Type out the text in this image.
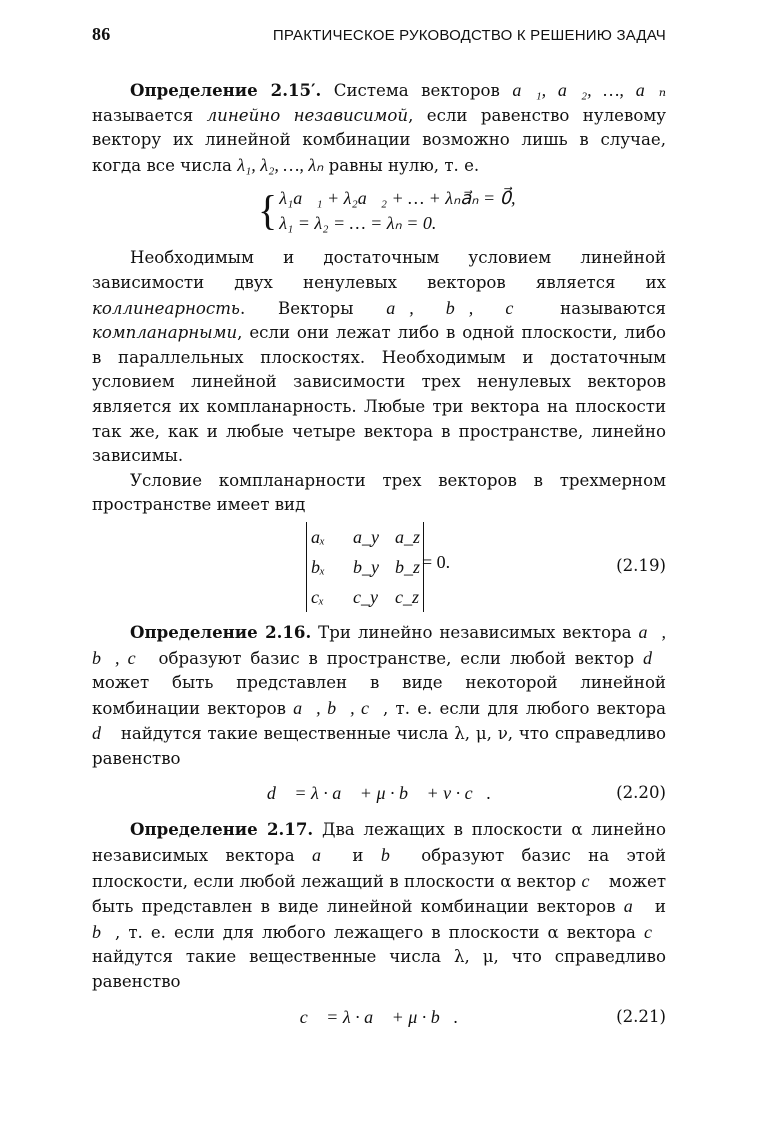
86	ПРАКТИЧЕСКОЕ РУКОВОДСТВО К РЕШЕНИЮ ЗАДАЧ

Определение 2.15′. Система векторов a⃗₁, a⃗₂, …, a⃗ₙ называется линейно независимой, если равенство нулевому вектору их линейной комбинации возможно лишь в случае, когда все числа λ₁, λ₂, …, λₙ равны нулю, т. е.

{ λ₁a⃗₁ + λ₂a⃗₂ + … + λₙa⃗ₙ = 0⃗,
λ₁ = λ₂ = … = λₙ = 0.

Необходимым и достаточным условием линейной зависимости двух ненулевых векторов является их коллинеарность. Векторы a⃗, b⃗, c⃗ называются компланарными, если они лежат либо в одной плоскости, либо в параллельных плоскостях. Необходимым и достаточным условием линейной зависимости трех ненулевых векторов является их компланарность. Любые три вектора на плоскости так же, как и любые четыре вектора в пространстве, линейно зависимы.

Условие компланарности трех векторов в трехмерном пространстве имеет вид

aₓ	a_y a_z
bₓ	b_y b_z
cₓ	c_y c_z
= 0.	(2.19)

Определение 2.16. Три линейно независимых вектора a⃗, b⃗, c⃗ образуют базис в пространстве, если любой вектор d⃗ может быть представлен в виде некоторой линейной комбинации векторов a⃗, b⃗, c⃗, т. е. если для любого вектора d⃗ найдутся такие вещественные числа λ, μ, ν, что справедливо равенство

d⃗ = λ · a⃗ + μ · b⃗ + ν · c⃗.	(2.20)

Определение 2.17. Два лежащих в плоскости α линейно независимых вектора a⃗ и b⃗ образуют базис на этой плоскости, если любой лежащий в плоскости α вектор c⃗ может быть представлен в виде линейной комбинации векторов a⃗ и b⃗, т. е. если для любого лежащего в плоскости α вектора c⃗ найдутся такие вещественные числа λ, μ, что справедливо равенство

c⃗ = λ · a⃗ + μ · b⃗.	(2.21)
